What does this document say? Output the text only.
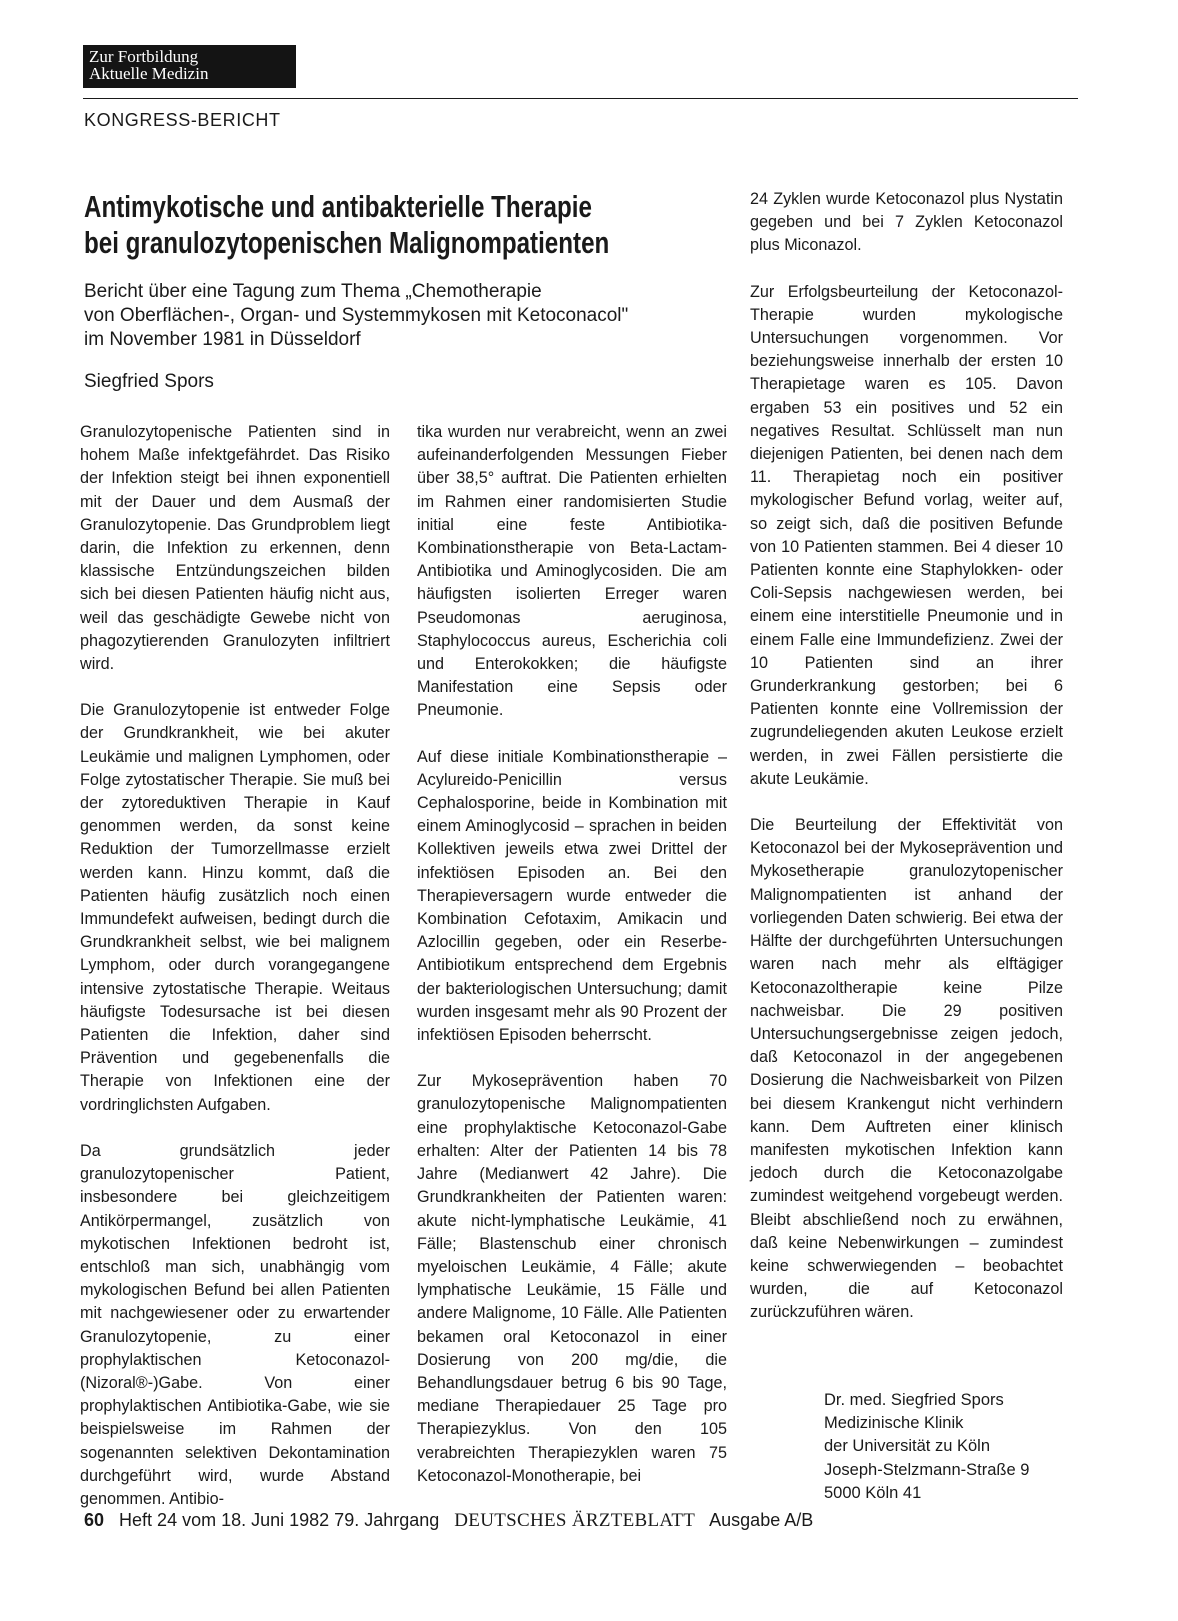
Zur Fortbildung
Aktuelle Medizin
KONGRESS-BERICHT
Antimykotische und antibakterielle Therapie
bei granulozytopenischen Malignompatienten
Bericht über eine Tagung zum Thema „Chemotherapie
von Oberflächen-, Organ- und Systemmykosen mit Ketoconacol"
im November 1981 in Düsseldorf
Siegfried Spors

Granulozytopenische Patienten sind in hohem Maße infektgefährdet. Das Risiko der Infektion steigt bei ihnen exponentiell mit der Dauer und dem Ausmaß der Granulozytopenie. Das Grundproblem liegt darin, die Infektion zu erkennen, denn klassische Entzündungszeichen bilden sich bei diesen Patienten häufig nicht aus, weil das geschädigte Gewebe nicht von phagozytierenden Granulozyten infiltriert wird.

Die Granulozytopenie ist entweder Folge der Grundkrankheit, wie bei akuter Leukämie und malignen Lymphomen, oder Folge zytostatischer Therapie. Sie muß bei der zytoreduktiven Therapie in Kauf genommen werden, da sonst keine Reduktion der Tumorzellmasse erzielt werden kann. Hinzu kommt, daß die Patienten häufig zusätzlich noch einen Immundefekt aufweisen, bedingt durch die Grundkrankheit selbst, wie bei malignem Lymphom, oder durch vorangegangene intensive zytostatische Therapie. Weitaus häufigste Todesursache ist bei diesen Patienten die Infektion, daher sind Prävention und gegebenenfalls die Therapie von Infektionen eine der vordringlichsten Aufgaben.

Da grundsätzlich jeder granulozytopenischer Patient, insbesondere bei gleichzeitigem Antikörpermangel, zusätzlich von mykotischen Infektionen bedroht ist, entschloß man sich, unabhängig vom mykologischen Befund bei allen Patienten mit nachgewiesener oder zu erwartender Granulozytopenie, zu einer prophylaktischen Ketoconazol-(Nizoral®-)Gabe. Von einer prophylaktischen Antibiotika-Gabe, wie sie beispielsweise im Rahmen der sogenannten selektiven Dekontamination durchgeführt wird, wurde Abstand genommen. Antibio-

tika wurden nur verabreicht, wenn an zwei aufeinanderfolgenden Messungen Fieber über 38,5° auftrat. Die Patienten erhielten im Rahmen einer randomisierten Studie initial eine feste Antibiotika-Kombinationstherapie von Beta-Lactam-Antibiotika und Aminoglycosiden. Die am häufigsten isolierten Erreger waren Pseudomonas aeruginosa, Staphylococcus aureus, Escherichia coli und Enterokokken; die häufigste Manifestation eine Sepsis oder Pneumonie.

Auf diese initiale Kombinationstherapie – Acylureido-Penicillin versus Cephalosporine, beide in Kombination mit einem Aminoglycosid – sprachen in beiden Kollektiven jeweils etwa zwei Drittel der infektiösen Episoden an. Bei den Therapieversagern wurde entweder die Kombination Cefotaxim, Amikacin und Azlocillin gegeben, oder ein Reserbe-Antibiotikum entsprechend dem Ergebnis der bakteriologischen Untersuchung; damit wurden insgesamt mehr als 90 Prozent der infektiösen Episoden beherrscht.

Zur Mykoseprävention haben 70 granulozytopenische Malignompatienten eine prophylaktische Ketoconazol-Gabe erhalten: Alter der Patienten 14 bis 78 Jahre (Medianwert 42 Jahre). Die Grundkrankheiten der Patienten waren: akute nicht-lymphatische Leukämie, 41 Fälle; Blastenschub einer chronisch myeloischen Leukämie, 4 Fälle; akute lymphatische Leukämie, 15 Fälle und andere Malignome, 10 Fälle. Alle Patienten bekamen oral Ketoconazol in einer Dosierung von 200 mg/die, die Behandlungsdauer betrug 6 bis 90 Tage, mediane Therapiedauer 25 Tage pro Therapiezyklus. Von den 105 verabreichten Therapiezyklen waren 75 Ketoconazol-Monotherapie, bei

24 Zyklen wurde Ketoconazol plus Nystatin gegeben und bei 7 Zyklen Ketoconazol plus Miconazol.

Zur Erfolgsbeurteilung der Ketoconazol-Therapie wurden mykologische Untersuchungen vorgenommen. Vor beziehungsweise innerhalb der ersten 10 Therapietage waren es 105. Davon ergaben 53 ein positives und 52 ein negatives Resultat. Schlüsselt man nun diejenigen Patienten, bei denen nach dem 11. Therapietag noch ein positiver mykologischer Befund vorlag, weiter auf, so zeigt sich, daß die positiven Befunde von 10 Patienten stammen. Bei 4 dieser 10 Patienten konnte eine Staphylokken- oder Coli-Sepsis nachgewiesen werden, bei einem eine interstitielle Pneumonie und in einem Falle eine Immundefizienz. Zwei der 10 Patienten sind an ihrer Grunderkrankung gestorben; bei 6 Patienten konnte eine Vollremission der zugrundeliegenden akuten Leukose erzielt werden, in zwei Fällen persistierte die akute Leukämie.

Die Beurteilung der Effektivität von Ketoconazol bei der Mykoseprävention und Mykosetherapie granulozytopenischer Malignompatienten ist anhand der vorliegenden Daten schwierig. Bei etwa der Hälfte der durchgeführten Untersuchungen waren nach mehr als elftägiger Ketoconazoltherapie keine Pilze nachweisbar. Die 29 positiven Untersuchungsergebnisse zeigen jedoch, daß Ketoconazol in der angegebenen Dosierung die Nachweisbarkeit von Pilzen bei diesem Krankengut nicht verhindern kann. Dem Auftreten einer klinisch manifesten mykotischen Infektion kann jedoch durch die Ketoconazolgabe zumindest weitgehend vorgebeugt werden. Bleibt abschließend noch zu erwähnen, daß keine Nebenwirkungen – zumindest keine schwerwiegenden – beobachtet wurden, die auf Ketoconazol zurückzuführen wären.

Dr. med. Siegfried Spors
Medizinische Klinik
der Universität zu Köln
Joseph-Stelzmann-Straße 9
5000 Köln 41
60 Heft 24 vom 18. Juni 1982 79. Jahrgang DEUTSCHES ÄRZTEBLATT Ausgabe A/B
